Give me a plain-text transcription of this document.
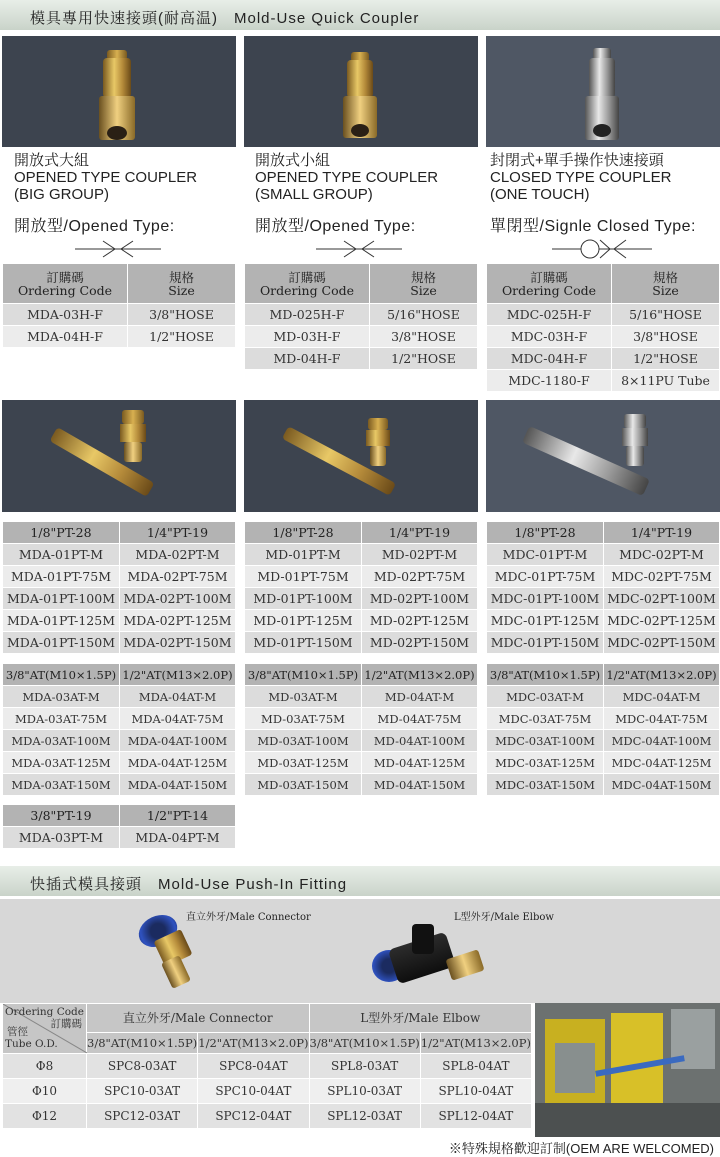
模具專用快速接頭(耐高温)　Mold-Use Quick Coupler
開放式大組
OPENED TYPE COUPLER
(BIG GROUP)
開放式小組
OPENED TYPE COUPLER
(SMALL GROUP)
封閉式+單手操作快速接頭
CLOSED TYPE COUPLER
(ONE TOUCH)
開放型/Opened Type:	開放型/Opened Type:	單閉型/Signle Closed Type:
訂購碼
Ordering Code	規格
Size
MDA-03H-F	3/8"HOSE
MDA-04H-F	1/2"HOSE
訂購碼
Ordering Code	規格
Size
MD-025H-F	5/16"HOSE
MD-03H-F	3/8"HOSE
MD-04H-F	1/2"HOSE
訂購碼
Ordering Code	規格
Size
MDC-025H-F	5/16"HOSE
MDC-03H-F	3/8"HOSE
MDC-04H-F	1/2"HOSE
MDC-1180-F	8×11PU Tube
1/8"PT-28	1/4"PT-19
MDA-01PT-M	MDA-02PT-M
MDA-01PT-75M	MDA-02PT-75M
MDA-01PT-100M	MDA-02PT-100M
MDA-01PT-125M	MDA-02PT-125M
MDA-01PT-150M	MDA-02PT-150M
1/8"PT-28	1/4"PT-19
MD-01PT-M	MD-02PT-M
MD-01PT-75M	MD-02PT-75M
MD-01PT-100M	MD-02PT-100M
MD-01PT-125M	MD-02PT-125M
MD-01PT-150M	MD-02PT-150M
1/8"PT-28	1/4"PT-19
MDC-01PT-M	MDC-02PT-M
MDC-01PT-75M	MDC-02PT-75M
MDC-01PT-100M	MDC-02PT-100M
MDC-01PT-125M	MDC-02PT-125M
MDC-01PT-150M	MDC-02PT-150M
3/8"AT(M10×1.5P)	1/2"AT(M13×2.0P)
MDA-03AT-M	MDA-04AT-M
MDA-03AT-75M	MDA-04AT-75M
MDA-03AT-100M	MDA-04AT-100M
MDA-03AT-125M	MDA-04AT-125M
MDA-03AT-150M	MDA-04AT-150M
3/8"AT(M10×1.5P)	1/2"AT(M13×2.0P)
MD-03AT-M	MD-04AT-M
MD-03AT-75M	MD-04AT-75M
MD-03AT-100M	MD-04AT-100M
MD-03AT-125M	MD-04AT-125M
MD-03AT-150M	MD-04AT-150M
3/8"AT(M10×1.5P)	1/2"AT(M13×2.0P)
MDC-03AT-M	MDC-04AT-M
MDC-03AT-75M	MDC-04AT-75M
MDC-03AT-100M	MDC-04AT-100M
MDC-03AT-125M	MDC-04AT-125M
MDC-03AT-150M	MDC-04AT-150M
3/8"PT-19	1/2"PT-14
MDA-03PT-M	MDA-04PT-M
快插式模具接頭　Mold-Use Push-In Fitting
直立外牙/Male Connector	L型外牙/Male Elbow
Ordering Code
訂購碼
管徑
Tube O.D.	直立外牙/Male Connector		L型外牙/Male Elbow	
	3/8"AT(M10×1.5P)	1/2"AT(M13×2.0P)	3/8"AT(M10×1.5P)	1/2"AT(M13×2.0P)
Φ8	SPC8-03AT	SPC8-04AT	SPL8-03AT	SPL8-04AT
Φ10	SPC10-03AT	SPC10-04AT	SPL10-03AT	SPL10-04AT
Φ12	SPC12-03AT	SPC12-04AT	SPL12-03AT	SPL12-04AT
※特殊規格歡迎訂制(OEM ARE WELCOMED)
